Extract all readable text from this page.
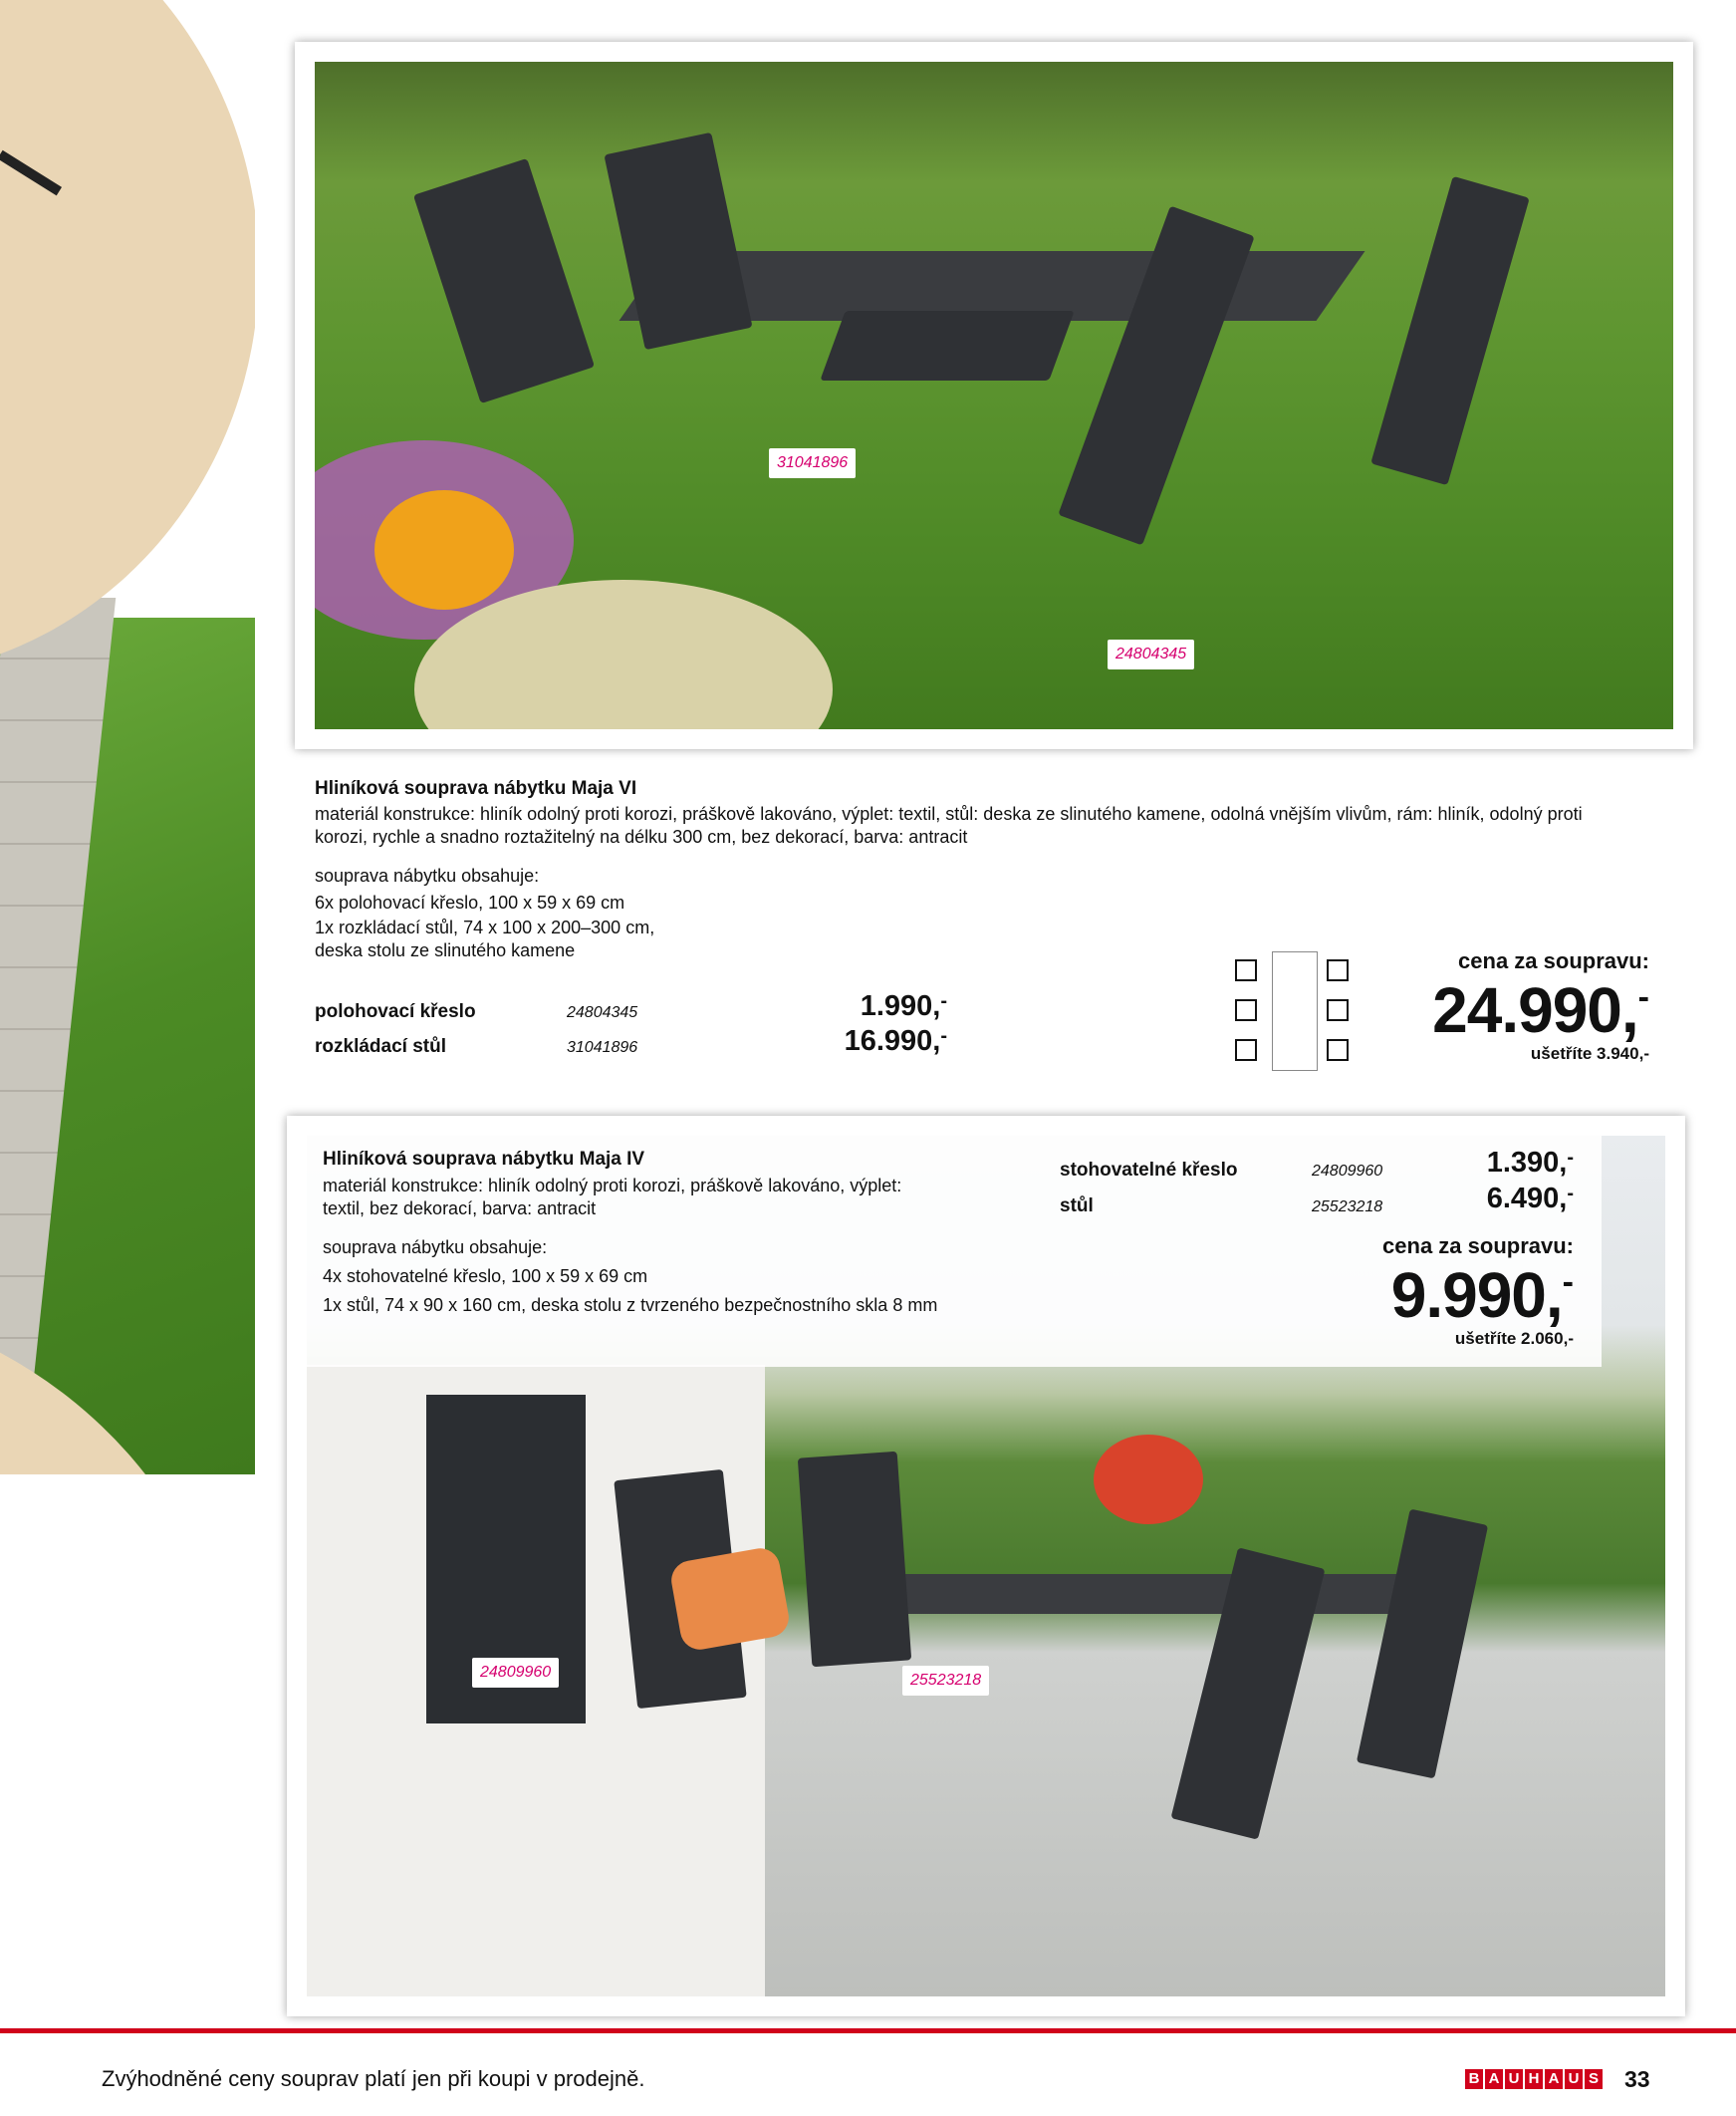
31041896
24804345
Hliníková souprava nábytku Maja VI
materiál konstrukce: hliník odolný proti korozi, práškově lakováno, výplet: textil, stůl: deska ze slinutého kamene, odolná vnějším vlivům, rám: hliník, odolný proti korozi, rychle a snadno roztažitelný na délku 300 cm, bez dekorací, barva: antracit
souprava nábytku obsahuje:
6x polohovací křeslo, 100 x 59 x 69 cm
1x rozkládací stůl, 74 x 100 x 200–300 cm,
deska stolu ze slinutého kamene
polohovací křeslo	24804345	1.990,-
rozkládací stůl	31041896	16.990,-
cena za soupravu:
24.990,-
ušetříte 3.940,-
24809960	25523218
Hliníková souprava nábytku Maja IV
materiál konstrukce: hliník odolný proti korozi, práškově lakováno, výplet: textil, bez dekorací, barva: antracit
souprava nábytku obsahuje:
4x stohovatelné křeslo, 100 x 59 x 69 cm
1x stůl, 74 x 90 x 160 cm, deska stolu z tvrzeného bezpečnostního skla 8 mm
stohovatelné křeslo	24809960	1.390,-
stůl	25523218	6.490,-
cena za soupravu:
9.990,-
ušetříte 2.060,-
Zvýhodněné ceny souprav platí jen při koupi v prodejně.	B A U H A U S 33
